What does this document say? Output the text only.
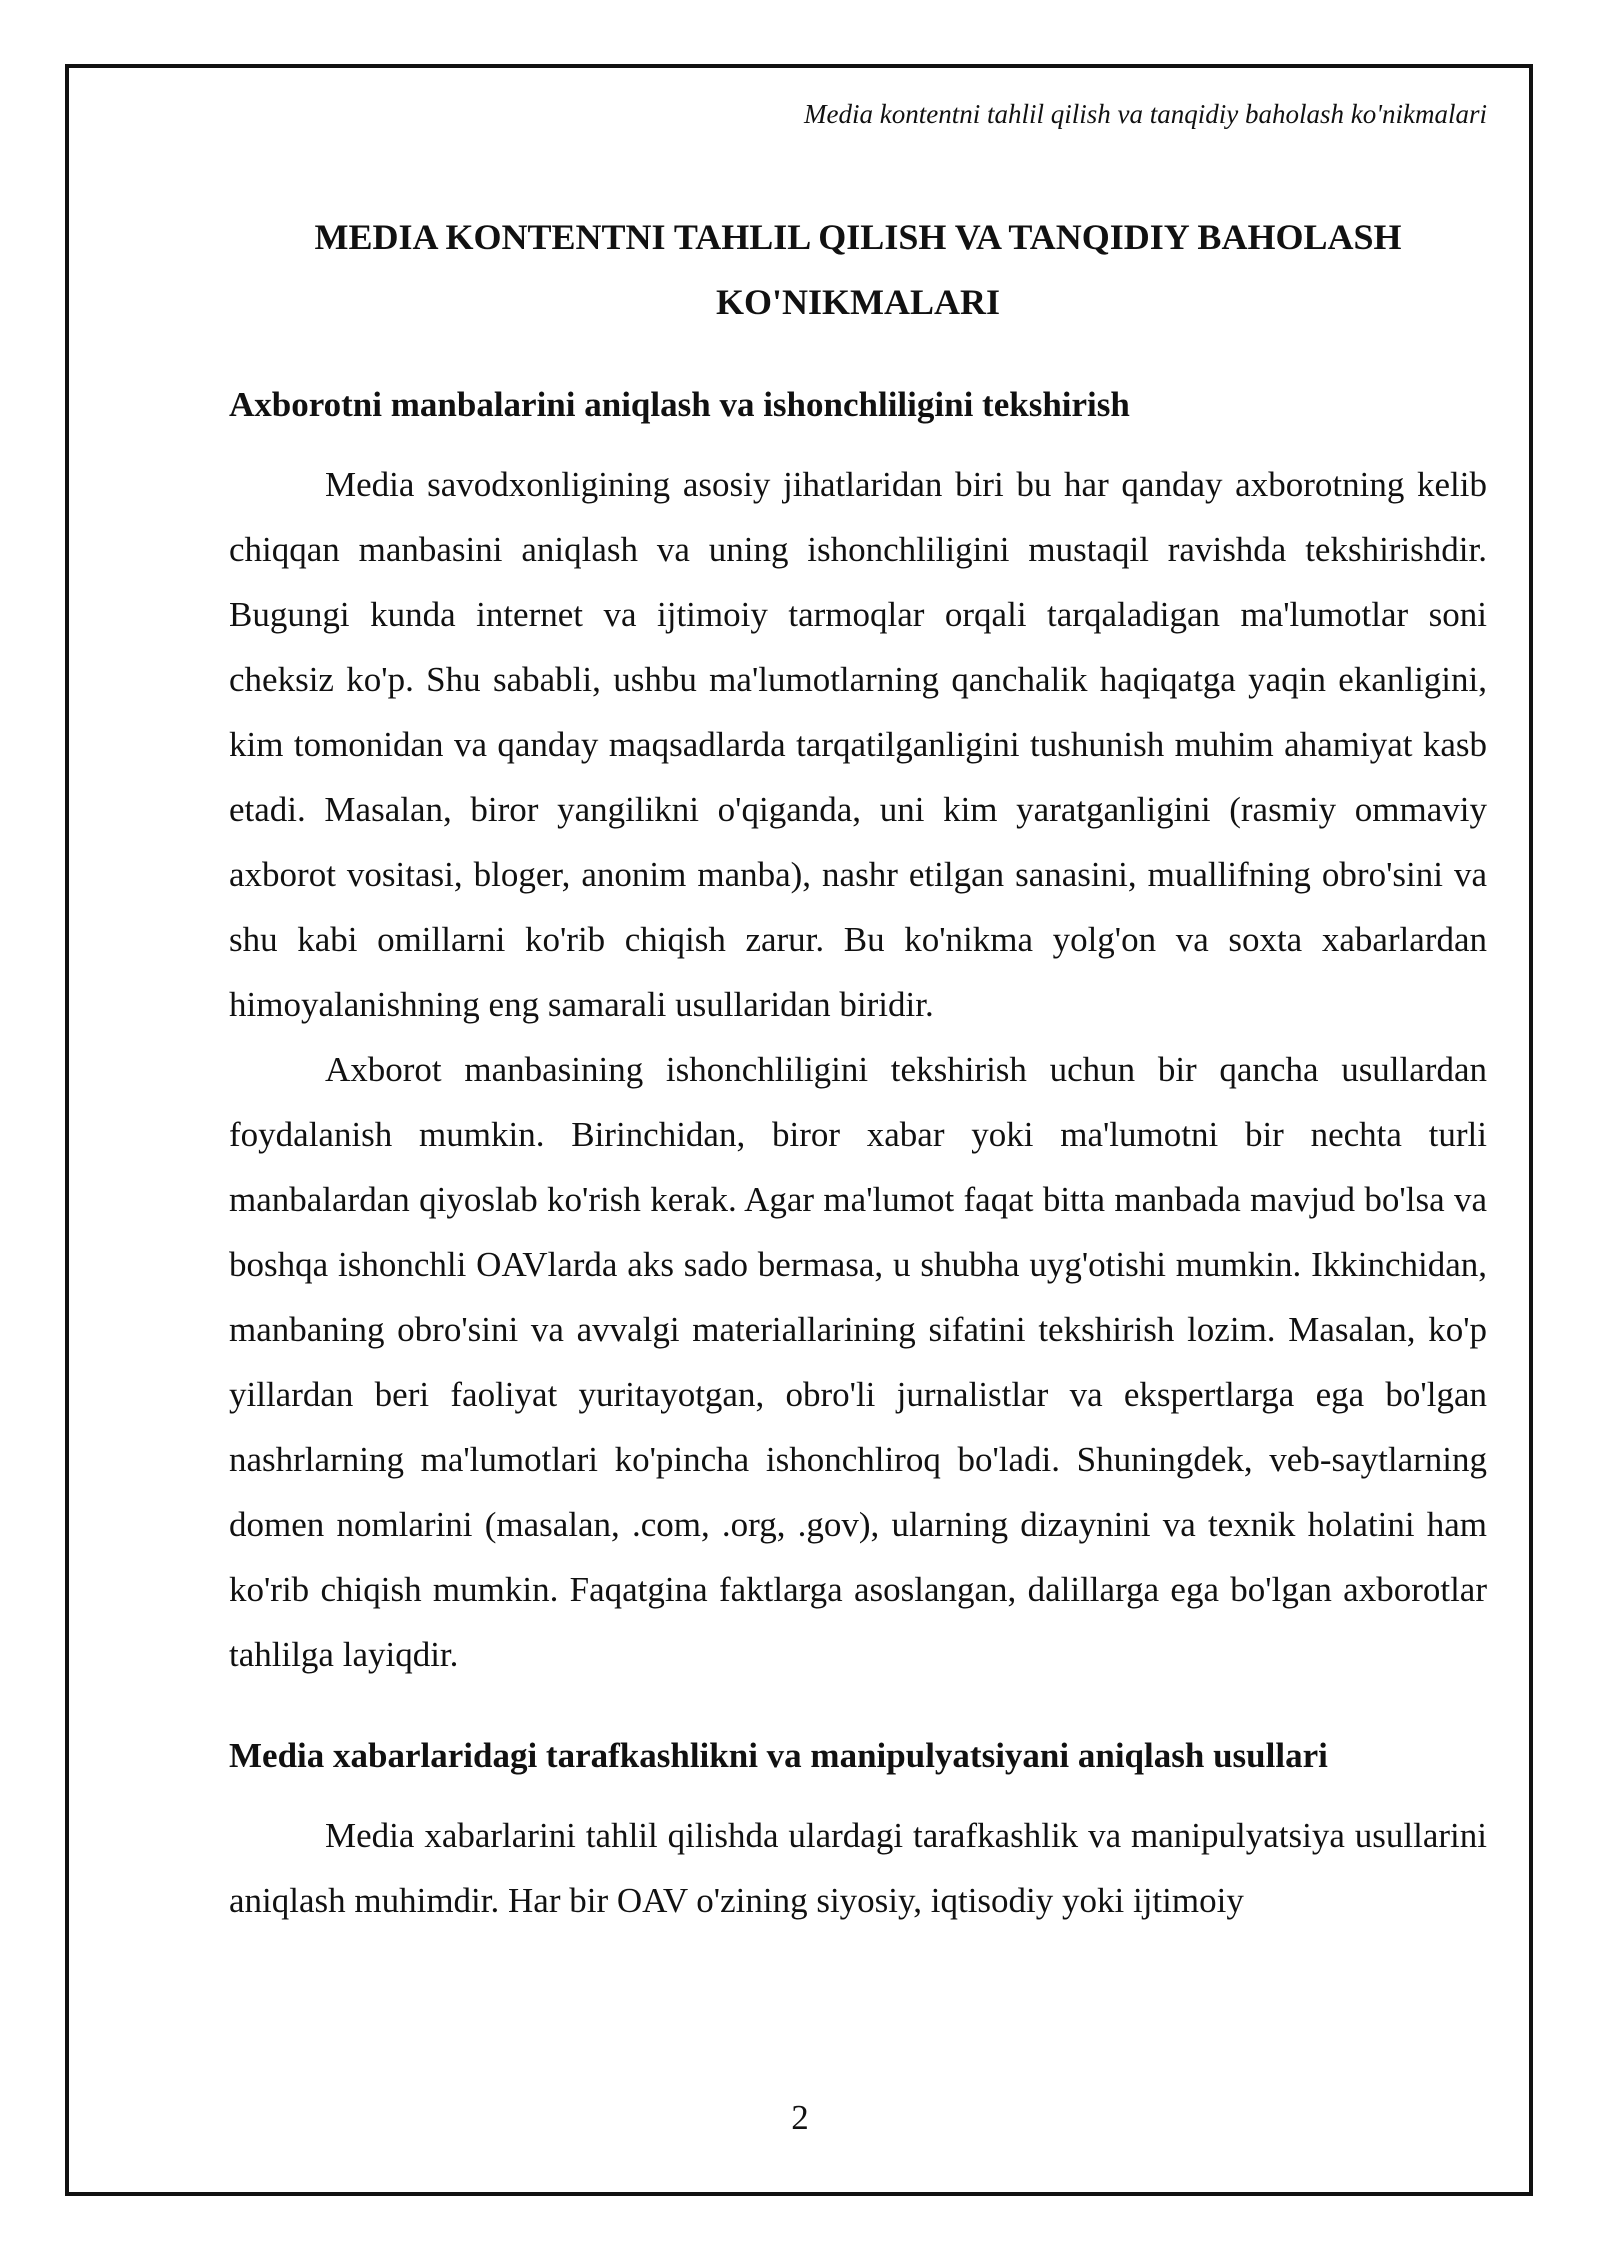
Media kontentni tahlil qilish va tanqidiy baholash ko'nikmalari
MEDIA KONTENTNI TAHLIL QILISH VA TANQIDIY BAHOLASH KO'NIKMALARI
Axborotni manbalarini aniqlash va ishonchliligini tekshirish

Media savodxonligining asosiy jihatlaridan biri bu har qanday axborotning kelib chiqqan manbasini aniqlash va uning ishonchliligini mustaqil ravishda tekshirishdir. Bugungi kunda internet va ijtimoiy tarmoqlar orqali tarqaladigan ma'lumotlar soni cheksiz ko'p. Shu sababli, ushbu ma'lumotlarning qanchalik haqiqatga yaqin ekanligini, kim tomonidan va qanday maqsadlarda tarqatilganligini tushunish muhim ahamiyat kasb etadi. Masalan, biror yangilikni o'qiganda, uni kim yaratganligini (rasmiy ommaviy axborot vositasi, bloger, anonim manba), nashr etilgan sanasini, muallifning obro'sini va shu kabi omillarni ko'rib chiqish zarur. Bu ko'nikma yolg'on va soxta xabarlardan himoyalanishning eng samarali usullaridan biridir.

Axborot manbasining ishonchliligini tekshirish uchun bir qancha usullardan foydalanish mumkin. Birinchidan, biror xabar yoki ma'lumotni bir nechta turli manbalardan qiyoslab ko'rish kerak. Agar ma'lumot faqat bitta manbada mavjud bo'lsa va boshqa ishonchli OAVlarda aks sado bermasa, u shubha uyg'otishi mumkin. Ikkinchidan, manbaning obro'sini va avvalgi materiallarining sifatini tekshirish lozim. Masalan, ko'p yillardan beri faoliyat yuritayotgan, obro'li jurnalistlar va ekspertlarga ega bo'lgan nashrlarning ma'lumotlari ko'pincha ishonchliroq bo'ladi. Shuningdek, veb-saytlarning domen nomlarini (masalan, .com, .org, .gov), ularning dizaynini va texnik holatini ham ko'rib chiqish mumkin. Faqatgina faktlarga asoslangan, dalillarga ega bo'lgan axborotlar tahlilga layiqdir.

Media xabarlaridagi tarafkashlikni va manipulyatsiyani aniqlash usullari

Media xabarlarini tahlil qilishda ulardagi tarafkashlik va manipulyatsiya usullarini aniqlash muhimdir. Har bir OAV o'zining siyosiy, iqtisodiy yoki ijtimoiy

2
